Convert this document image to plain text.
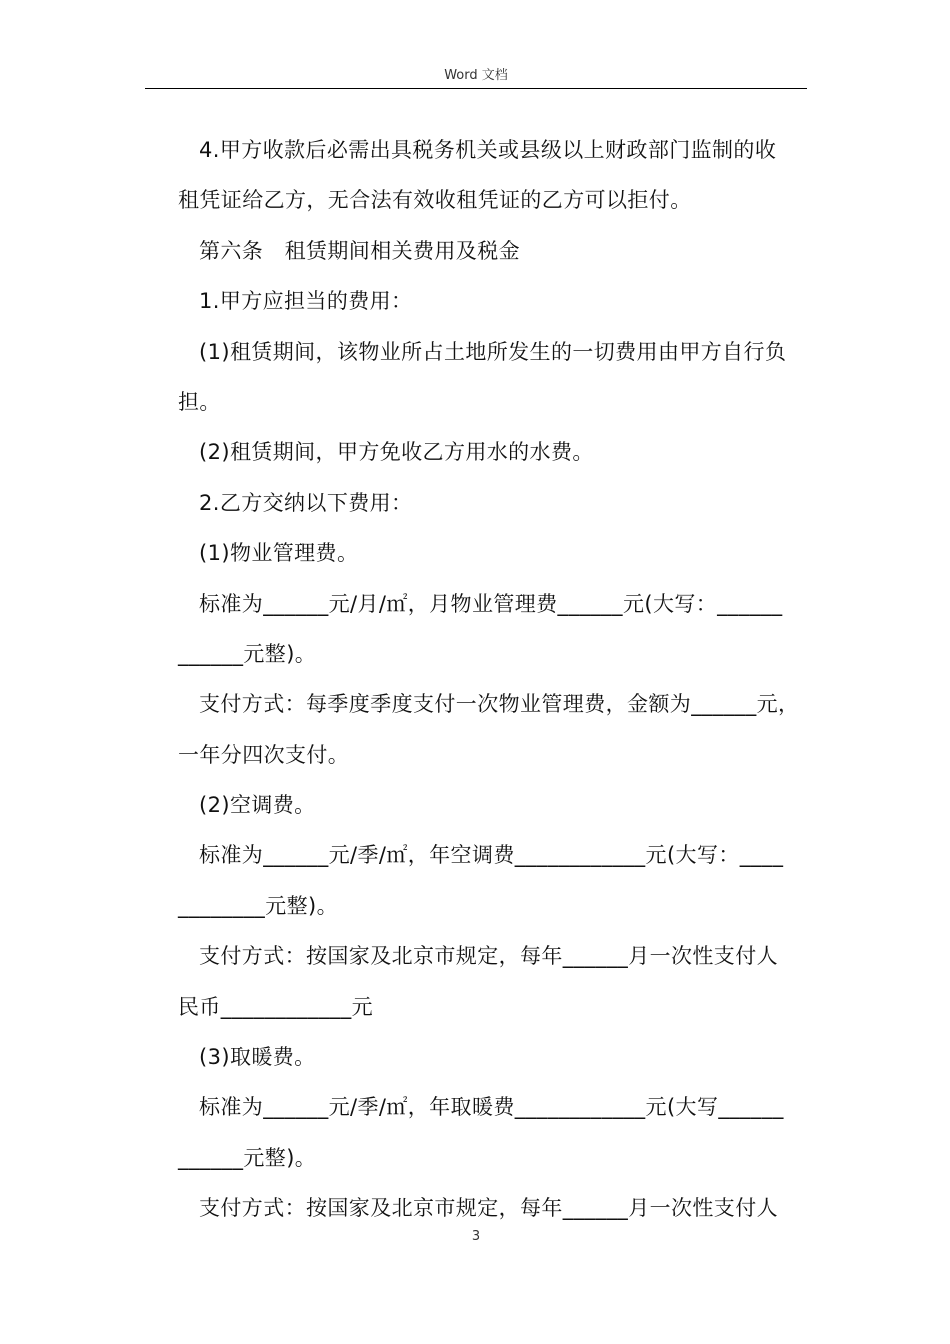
Word 文档
4.甲方收款后必需出具税务机关或县级以上财政部门监制的收
租凭证给乙方，无合法有效收租凭证的乙方可以拒付。
第六条　租赁期间相关费用及税金
1.甲方应担当的费用：
(1)租赁期间，该物业所占土地所发生的一切费用由甲方自行负
担。
(2)租赁期间，甲方免收乙方用水的水费。
2.乙方交纳以下费用：
(1)物业管理费。
标准为______元/月/㎡，月物业管理费______元(大写：______
______元整)。
支付方式：每季度季度支付一次物业管理费，金额为______元，
一年分四次支付。
(2)空调费。
标准为______元/季/㎡，年空调费____________元(大写：____
________元整)。
支付方式：按国家及北京市规定，每年______月一次性支付人
民币____________元
(3)取暖费。
标准为______元/季/㎡，年取暖费____________元(大写______
______元整)。
支付方式：按国家及北京市规定，每年______月一次性支付人
3
